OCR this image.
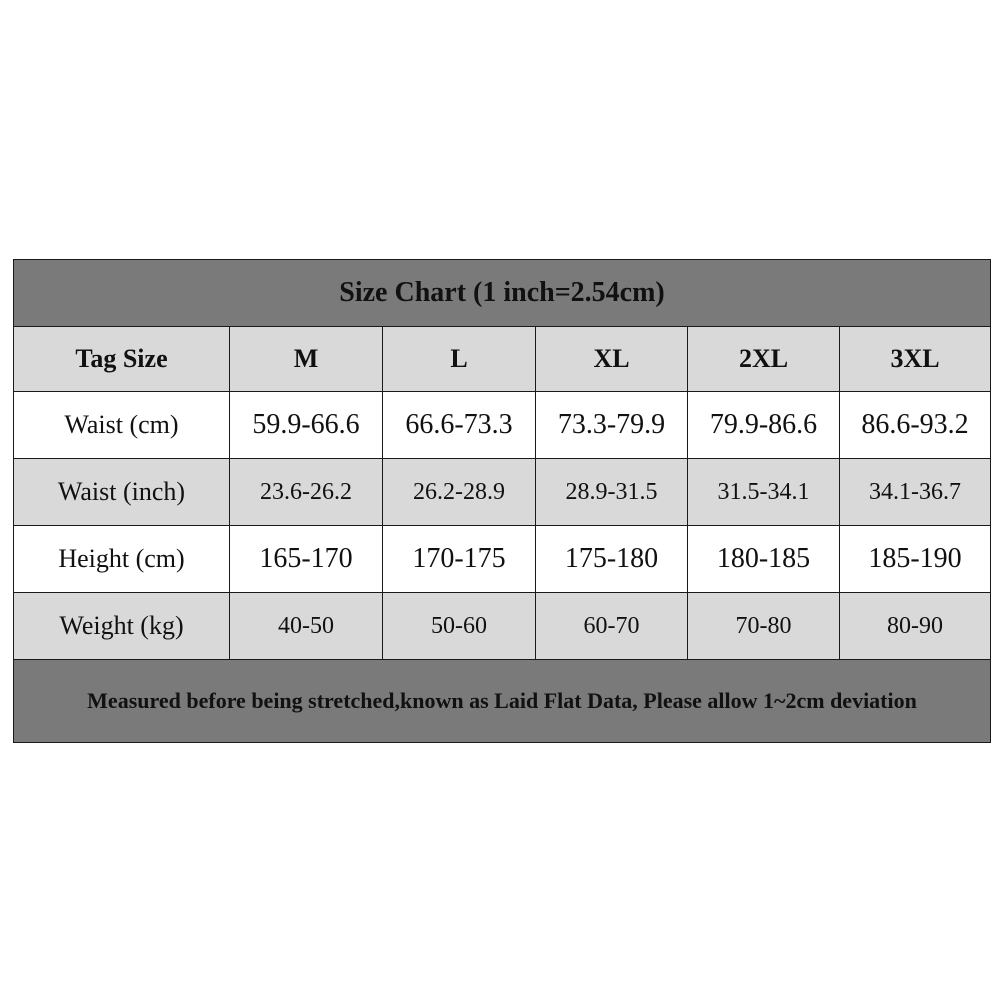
Size Chart (1 inch=2.54cm)					
Tag Size	M	L	XL	2XL	3XL
Waist (cm)	59.9-66.6	66.6-73.3	73.3-79.9	79.9-86.6	86.6-93.2
Waist (inch)	23.6-26.2	26.2-28.9	28.9-31.5	31.5-34.1	34.1-36.7
Height (cm)	165-170	170-175	175-180	180-185	185-190
Weight (kg)	40-50	50-60	60-70	70-80	80-90
Measured before being stretched,known as Laid Flat Data, Please allow 1~2cm deviation					
